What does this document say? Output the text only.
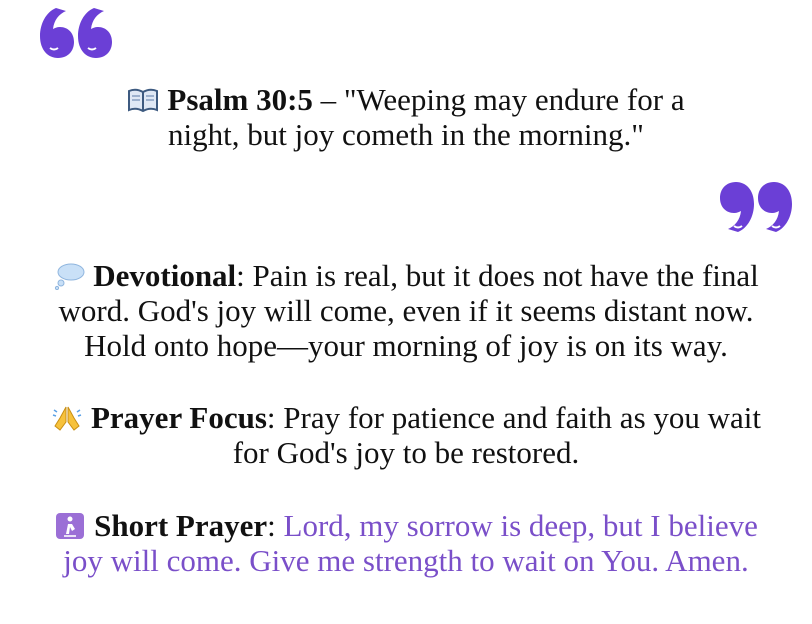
Psalm 30:5 – "Weeping may endure for a
night, but joy cometh in the morning."
Devotional: Pain is real, but it does not have the final
word. God's joy will come, even if it seems distant now.
Hold onto hope—your morning of joy is on its way.
Prayer Focus: Pray for patience and faith as you wait
for God's joy to be restored.
Short Prayer: Lord, my sorrow is deep, but I believe
joy will come. Give me strength to wait on You. Amen.
